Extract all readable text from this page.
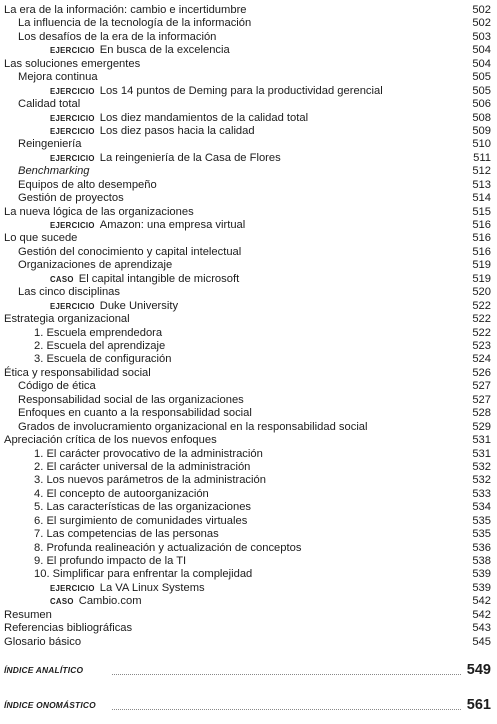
La era de la información: cambio e incertidumbre	502
La influencia de la tecnología de la información	502
Los desafíos de la era de la información	503
EJERCICIO En busca de la excelencia	504
Las soluciones emergentes	504
Mejora continua	505
EJERCICIO Los 14 puntos de Deming para la productividad gerencial	505
Calidad total	506
EJERCICIO Los diez mandamientos de la calidad total	508
EJERCICIO Los diez pasos hacia la calidad	509
Reingeniería	510
EJERCICIO La reingeniería de la Casa de Flores	511
Benchmarking	512
Equipos de alto desempeño	513
Gestión de proyectos	514
La nueva lógica de las organizaciones	515
EJERCICIO Amazon: una empresa virtual	516
Lo que sucede	516
Gestión del conocimiento y capital intelectual	516
Organizaciones de aprendizaje	519
CASO El capital intangible de microsoft	519
Las cinco disciplinas	520
EJERCICIO Duke University	522
Estrategia organizacional	522
1. Escuela emprendedora	522
2. Escuela del aprendizaje	523
3. Escuela de configuración	524
Ética y responsabilidad social	526
Código de ética	527
Responsabilidad social de las organizaciones	527
Enfoques en cuanto a la responsabilidad social	528
Grados de involucramiento organizacional en la responsabilidad social	529
Apreciación crítica de los nuevos enfoques	531
1. El carácter provocativo de la administración	531
2. El carácter universal de la administración	532
3. Los nuevos parámetros de la administración	532
4. El concepto de autoorganización	533
5. Las características de las organizaciones	534
6. El surgimiento de comunidades virtuales	535
7. Las competencias de las personas	535
8. Profunda realineación y actualización de conceptos	536
9. El profundo impacto de la TI	538
10. Simplificar para enfrentar la complejidad	539
EJERCICIO La VA Linux Systems	539
CASO Cambio.com	542
Resumen	542
Referencias bibliográficas	543
Glosario básico	545
ÍNDICE ANALÍTICO	549
ÍNDICE ONOMÁSTICO	561
